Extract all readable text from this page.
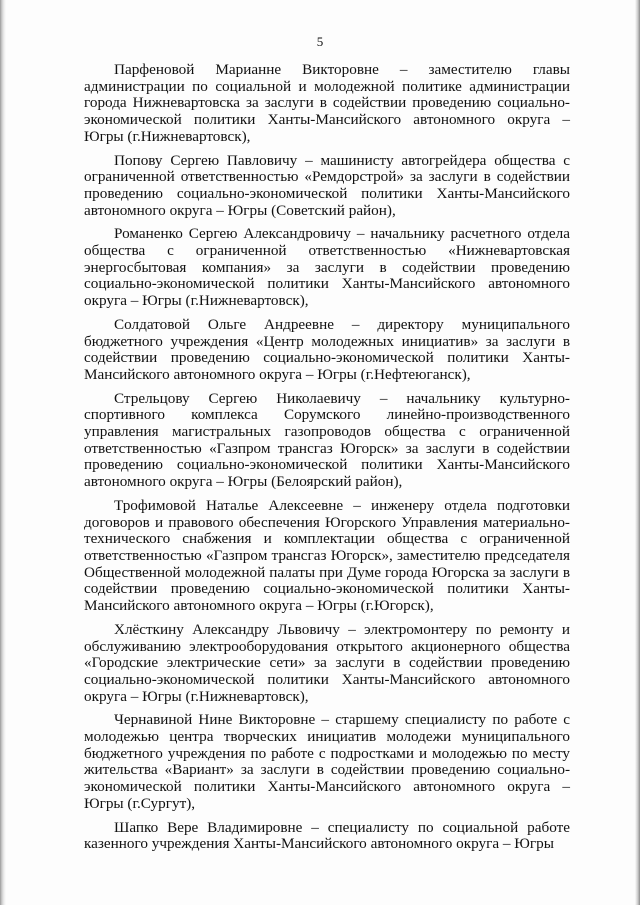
5

Парфеновой Марианне Викторовне – заместителю главы администрации по социальной и молодежной политике администрации города Нижневартовска за заслуги в содействии проведению социально-экономической политики Ханты-Мансийского автономного округа – Югры (г.Нижневартовск),

Попову Сергею Павловичу – машинисту автогрейдера общества с ограниченной ответственностью «Ремдорстрой» за заслуги в содействии проведению социально-экономической политики Ханты-Мансийского автономного округа – Югры (Советский район),

Романенко Сергею Александровичу – начальнику расчетного отдела общества с ограниченной ответственностью «Нижневартовская энергосбытовая компания» за заслуги в содействии проведению социально-экономической политики Ханты-Мансийского автономного округа – Югры (г.Нижневартовск),

Солдатовой Ольге Андреевне – директору муниципального бюджетного учреждения «Центр молодежных инициатив» за заслуги в содействии проведению социально-экономической политики Ханты-Мансийского автономного округа – Югры (г.Нефтеюганск),

Стрельцову Сергею Николаевичу – начальнику культурно-спортивного комплекса Сорумского линейно-производственного управления магистральных газопроводов общества с ограниченной ответственностью «Газпром трансгаз Югорск» за заслуги в содействии проведению социально-экономической политики Ханты-Мансийского автономного округа – Югры (Белоярский район),

Трофимовой Наталье Алексеевне – инженеру отдела подготовки договоров и правового обеспечения Югорского Управления материально-технического снабжения и комплектации общества с ограниченной ответственностью «Газпром трансгаз Югорск», заместителю председателя Общественной молодежной палаты при Думе города Югорска за заслуги в содействии проведению социально-экономической политики Ханты-Мансийского автономного округа – Югры (г.Югорск),

Хлёсткину Александру Львовичу – электромонтеру по ремонту и обслуживанию электрооборудования открытого акционерного общества «Городские электрические сети» за заслуги в содействии проведению социально-экономической политики Ханты-Мансийского автономного округа – Югры (г.Нижневартовск),

Чернавиной Нине Викторовне – старшему специалисту по работе с молодежью центра творческих инициатив молодежи муниципального бюджетного учреждения по работе с подростками и молодежью по месту жительства «Вариант» за заслуги в содействии проведению социально-экономической политики Ханты-Мансийского автономного округа – Югры (г.Сургут),

Шапко Вере Владимировне – специалисту по социальной работе казенного учреждения Ханты-Мансийского автономного округа – Югры
